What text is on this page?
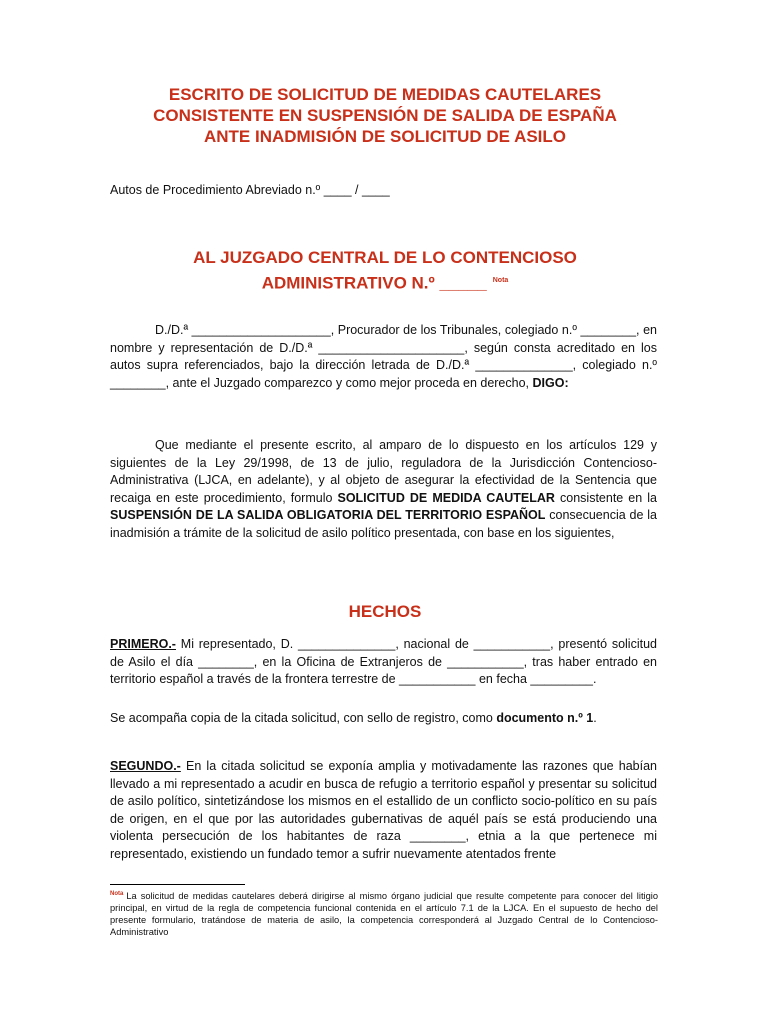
ESCRITO DE SOLICITUD DE MEDIDAS CAUTELARES
CONSISTENTE EN SUSPENSIÓN DE SALIDA DE ESPAÑA
ANTE INADMISIÓN DE SOLICITUD DE ASILO
Autos de Procedimiento Abreviado n.º ____ / ____
AL JUZGADO CENTRAL DE LO CONTENCIOSO
ADMINISTRATIVO N.º _____ $^{Nota}$
D./D.ª ____________________, Procurador de los Tribunales, colegiado n.º ________, en nombre y representación de D./D.ª _____________________, según consta acreditado en los autos supra referenciados, bajo la dirección letrada de D./D.ª ______________, colegiado n.º ________, ante el Juzgado comparezco y como mejor proceda en derecho, DIGO:
Que mediante el presente escrito, al amparo de lo dispuesto en los artículos 129 y siguientes de la Ley 29/1998, de 13 de julio, reguladora de la Jurisdicción Contencioso-Administrativa (LJCA, en adelante), y al objeto de asegurar la efectividad de la Sentencia que recaiga en este procedimiento, formulo SOLICITUD DE MEDIDA CAUTELAR consistente en la SUSPENSIÓN DE LA SALIDA OBLIGATORIA DEL TERRITORIO ESPAÑOL consecuencia de la inadmisión a trámite de la solicitud de asilo político presentada, con base en los siguientes,
HECHOS
PRIMERO.- Mi representado, D. ______________, nacional de ___________, presentó solicitud de Asilo el día ________, en la Oficina de Extranjeros de ___________, tras haber entrado en territorio español a través de la frontera terrestre de ___________ en fecha _________.
Se acompaña copia de la citada solicitud, con sello de registro, como documento n.º 1.
SEGUNDO.- En la citada solicitud se exponía amplia y motivadamente las razones que habían llevado a mi representado a acudir en busca de refugio a territorio español y presentar su solicitud de asilo político, sintetizándose los mismos en el estallido de un conflicto socio-político en su país de origen, en el que por las autoridades gubernativas de aquél país se está produciendo una violenta persecución de los habitantes de raza ________, etnia a la que pertenece mi representado, existiendo un fundado temor a sufrir nuevamente atentados frente
$^{Nota}$ La solicitud de medidas cautelares deberá dirigirse al mismo órgano judicial que resulte competente para conocer del litigio principal, en virtud de la regla de competencia funcional contenida en el artículo 7.1 de la LJCA. En el supuesto de hecho del presente formulario, tratándose de materia de asilo, la competencia corresponderá al Juzgado Central de lo Contencioso-Administrativo
